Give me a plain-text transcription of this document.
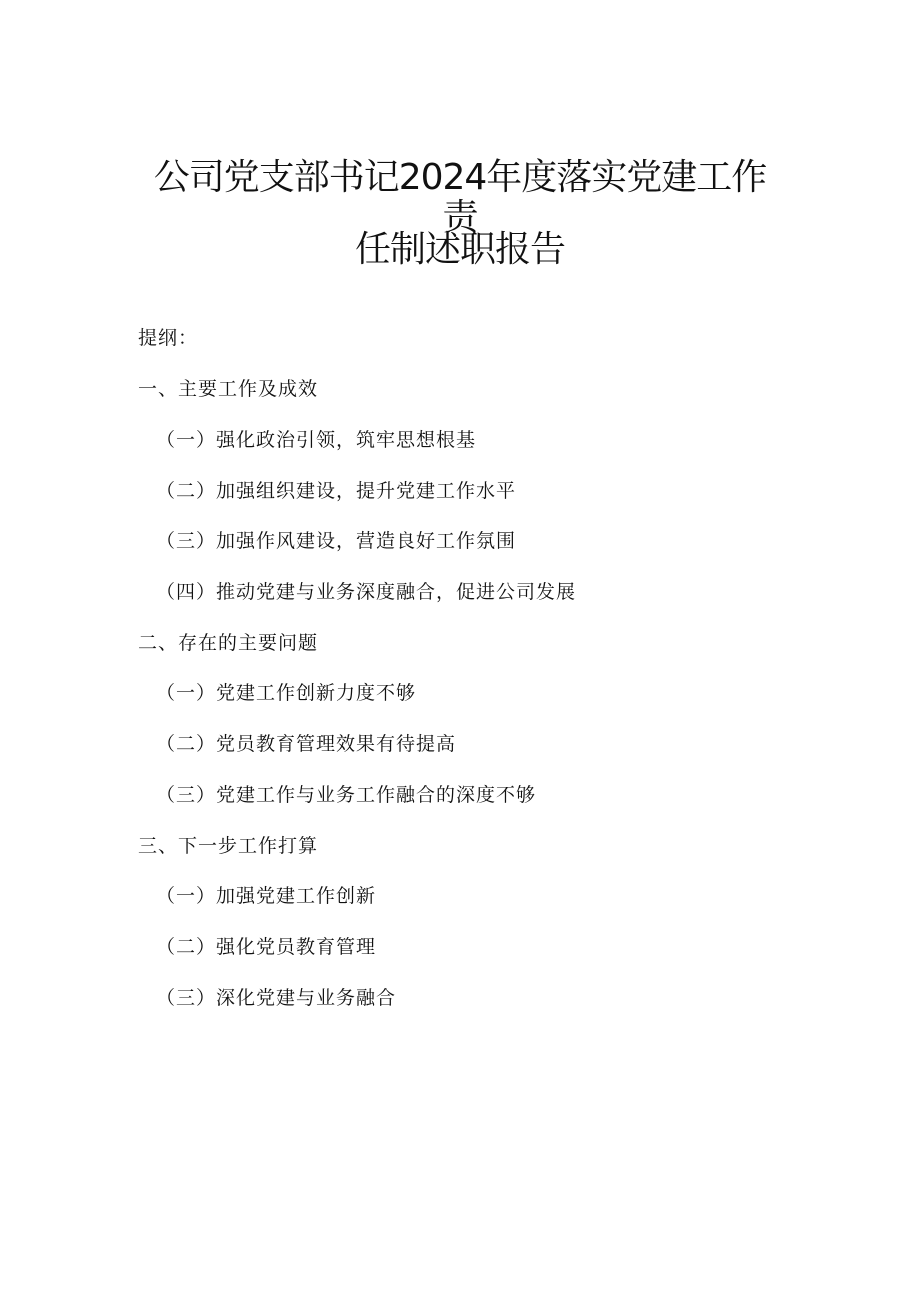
公司党支部书记2024年度落实党建工作责
任制述职报告
提纲：
一、主要工作及成效
（一）强化政治引领，筑牢思想根基
（二）加强组织建设，提升党建工作水平
（三）加强作风建设，营造良好工作氛围
（四）推动党建与业务深度融合，促进公司发展
二、存在的主要问题
（一）党建工作创新力度不够
（二）党员教育管理效果有待提高
（三）党建工作与业务工作融合的深度不够
三、下一步工作打算
（一）加强党建工作创新
（二）强化党员教育管理
（三）深化党建与业务融合
